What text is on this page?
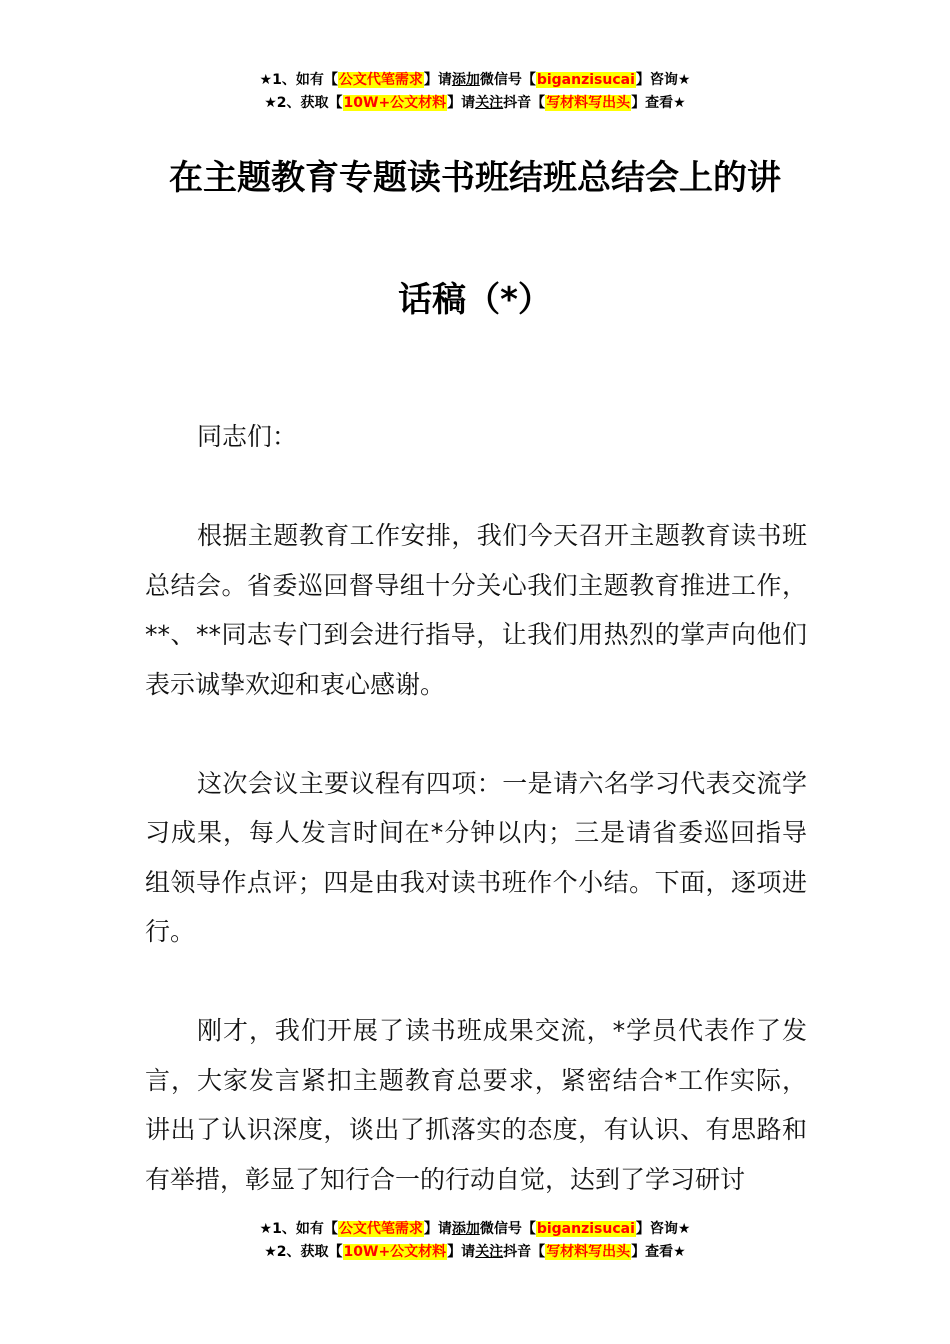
★1、如有【公文代笔需求】请添加微信号【biganzisucai】咨询★
★2、获取【10W+公文材料】请关注抖音【写材料写出头】查看★
在主题教育专题读书班结班总结会上的讲
话稿（*）

同志们：

根据主题教育工作安排，我们今天召开主题教育读书班总结会。省委巡回督导组十分关心我们主题教育推进工作，**、**同志专门到会进行指导，让我们用热烈的掌声向他们表示诚挚欢迎和衷心感谢。

这次会议主要议程有四项：一是请六名学习代表交流学习成果，每人发言时间在*分钟以内；三是请省委巡回指导组领导作点评；四是由我对读书班作个小结。下面，逐项进行。

刚才，我们开展了读书班成果交流，*学员代表作了发言，大家发言紧扣主题教育总要求，紧密结合*工作实际，讲出了认识深度，谈出了抓落实的态度，有认识、有思路和有举措，彰显了知行合一的行动自觉，达到了学习研讨

★1、如有【公文代笔需求】请添加微信号【biganzisucai】咨询★
★2、获取【10W+公文材料】请关注抖音【写材料写出头】查看★
